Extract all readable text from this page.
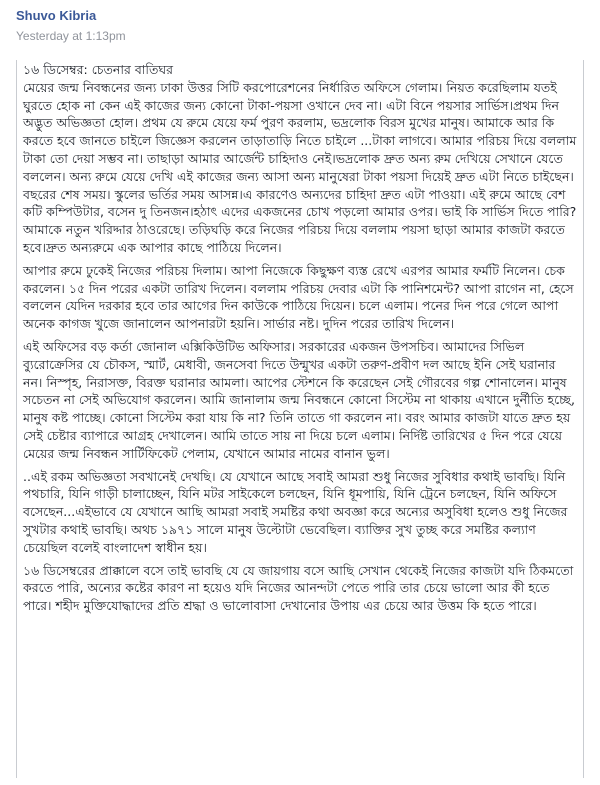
Shuvo Kibria
Yesterday at 1:13pm

১৬ ডিসেম্বর: চেতনার বাতিঘর
মেয়ের জন্ম নিবন্ধনের জন্য ঢাকা উত্তর সিটি করপোরেশনের নির্ধারিত অফিসে গেলাম। নিয়ত করেছিলাম যতই ঘুরতে হোক না কেন এই কাজের জন্য কোনো টাকা-পয়সা ওখানে দেব না। এটা বিনে পয়সার সার্ভিস।প্রথম দিন অদ্ভুত অভিজ্ঞতা হোল। প্রথম যে রুমে যেয়ে ফর্ম পুরণ করলাম, ভদ্রলোক বিরস মুখের মানুষ। আমাকে আর কি করতে হবে জানতে চাইলে জিজ্ঞেস করলেন তাড়াতাড়ি নিতে চাইলে ...টাকা লাগবে। আমার পরিচয় দিয়ে বললাম টাকা তো দেয়া সম্ভব না। তাছাড়া আমার আর্জেন্ট চাহিদাও নেই।ভদ্রলোক দ্রুত অন্য রুম দেখিয়ে সেখানে যেতে বললেন। অন্য রুমে যেয়ে দেখি এই কাজের জন্য আসা অন্য মানুষেরা টাকা পয়সা দিয়েই দ্রুত এটা নিতে চাইছেন। বছরের শেষ সময়। স্কুলের ভর্তির সময় আসন্ন।এ কারণেও অন্যদের চাহিদা দ্রুত এটা পাওয়া। এই রুমে আছে বেশ কটি কম্পিউটার, বসেন দু তিনজন।হঠাৎ এদের একজনের চোখ পড়লো আমার ওপর। ভাই কি সার্ভিস দিতে পারি? আমাকে নতুন খরিদ্দার ঠাওরেছে। তড়িঘড়ি করে নিজের পরিচয় দিয়ে বললাম পয়সা ছাড়া আমার কাজটা করতে হবে।দ্রুত অন্যরুমে এক আপার কাছে পাঠিয়ে দিলেন।

আপার রুমে ঢুকেই নিজের পরিচয় দিলাম। আপা নিজেকে কিছুক্ষণ ব্যস্ত রেখে এরপর আমার ফর্মটি নিলেন। চেক করলেন। ১৫ দিন পরের একটা তারিখ দিলেন। বললাম পরিচয় দেবার এটা কি পানিশমেন্ট? আপা রাগেন না, হেসে বললেন যেদিন দরকার হবে তার আগের দিন কাউকে পাঠিয়ে দিয়েন। চলে এলাম। পনের দিন পরে গেলে আপা অনেক কাগজ খুজে জানালেন আপনারটা হয়নি। সার্ভার নষ্ট। দুদিন পরের তারিখ দিলেন।

এই অফিসের বড় কর্তা জোনাল এক্সিকিউটিভ অফিসার। সরকারের একজন উপসচিব। আমাদের সিভিল ব্যুরোক্রেসির যে চৌকস, স্মার্ট, মেধাবী, জনসেবা দিতে উন্মুখর একটা তরুণ-প্রবীণ দল আছে ইনি সেই ঘরানার নন। নিস্পৃহ, নিরাসক্ত, বিরক্ত ঘরানার আমলা। আপের স্টেশনে কি করেছেন সেই গৌরবের গল্প শোনালেন। মানুষ সচেতন না সেই অভিযোগ করলেন। আমি জানালাম জন্ম নিবন্ধনে কোনো সিস্টেম না থাকায় এখানে দুর্নীতি হচ্ছে, মানুষ কষ্ট পাচ্ছে। কোনো সিস্টেম করা যায় কি না? তিনি তাতে গা করলেন না। বরং আমার কাজটা যাতে দ্রুত হয় সেই চেষ্টার ব্যাপারে আগ্রহ দেখালেন। আমি তাতে সায় না দিয়ে চলে এলাম। নির্দিষ্ট তারিখের ৫ দিন পরে যেয়ে মেয়ের জন্ম নিবন্ধন সার্টিফিকেট পেলাম, যেখানে আমার নামের বানান ভুল।

..এই রকম অভিজ্ঞতা সবখানেই দেখছি। যে যেখানে আছে সবাই আমরা শুধু নিজের সুবিধার কথাই ভাবছি। যিনি পথচারি, যিনি গাড়ী চালাচ্ছেন, যিনি মটর সাইকেলে চলছেন, যিনি ধূমপায়ি, যিনি ট্রেনে চলছেন, যিনি অফিসে বসেছেন...এইভাবে যে যেখানে আছি আমরা সবাই সমষ্টির কথা অবজ্ঞা করে অন্যের অসুবিধা হলেও শুধু নিজের সুখটার কথাই ভাবছি। অথচ ১৯৭১ সালে মানুষ উল্টোটা ভেবেছিল। ব্যাক্তির সুখ তুচ্ছ করে সমষ্টির কল্যাণ চেয়েছিল বলেই বাংলাদেশ স্বাধীন হয়।

১৬ ডিসেম্বরের প্রাক্কালে বসে তাই ভাবছি যে যে জায়গায় বসে আছি সেখান থেকেই নিজের কাজটা যদি ঠিকমতো করতে পারি, অন্যের কষ্টের কারণ না হয়েও যদি নিজের আনন্দটা পেতে পারি তার চেয়ে ভালো আর কী হতে পারে। শহীদ মুক্তিযোদ্ধাদের প্রতি শ্রদ্ধা ও ভালোবাসা দেখানোর উপায় এর চেয়ে আর উত্তম কি হতে পারে।
